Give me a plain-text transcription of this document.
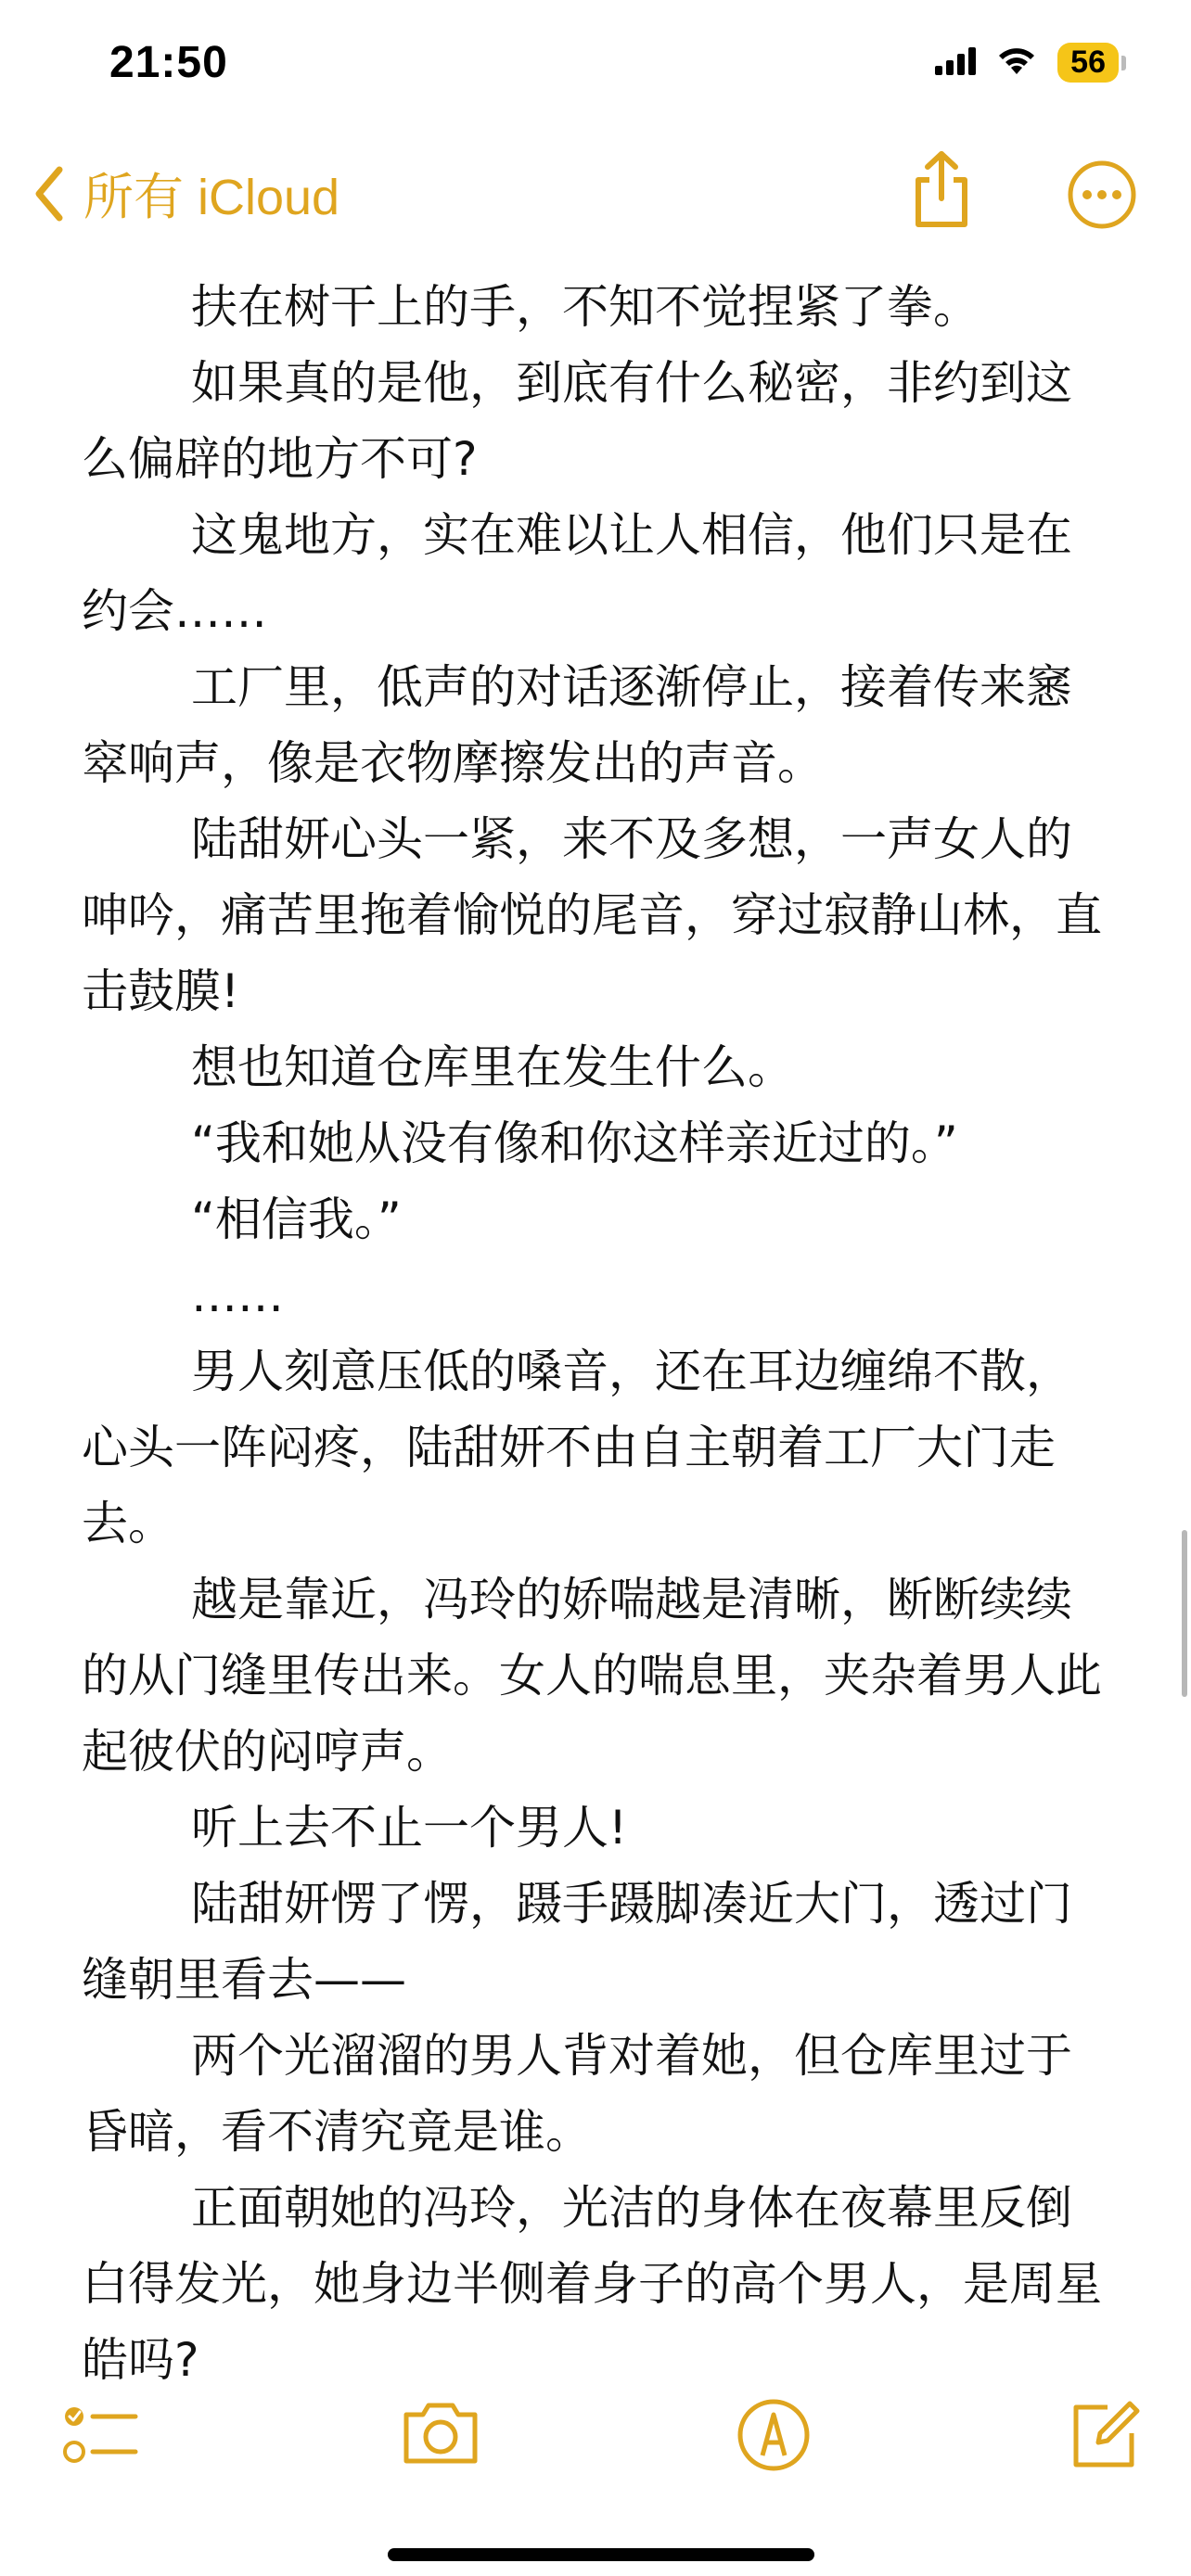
21:50	56
所有 iCloud

扶在树干上的手，不知不觉捏紧了拳。

如果真的是他，到底有什么秘密，非约到这么偏辟的地方不可?

这鬼地方，实在难以让人相信，他们只是在约会……

工厂里，低声的对话逐渐停止，接着传来窸窣响声，像是衣物摩擦发出的声音。

陆甜妍心头一紧，来不及多想，一声女人的呻吟，痛苦里拖着愉悦的尾音，穿过寂静山林，直击鼓膜!

想也知道仓库里在发生什么。

“我和她从没有像和你这样亲近过的。”

“相信我。”

……

男人刻意压低的嗓音，还在耳边缠绵不散，心头一阵闷疼，陆甜妍不由自主朝着工厂大门走去。

越是靠近，冯玲的娇喘越是清晰，断断续续的从门缝里传出来。女人的喘息里，夹杂着男人此起彼伏的闷哼声。

听上去不止一个男人!

陆甜妍愣了愣，蹑手蹑脚凑近大门，透过门缝朝里看去——

两个光溜溜的男人背对着她，但仓库里过于昏暗，看不清究竟是谁。

正面朝她的冯玲，光洁的身体在夜幕里反倒白得发光，她身边半侧着身子的高个男人，是周星皓吗?
